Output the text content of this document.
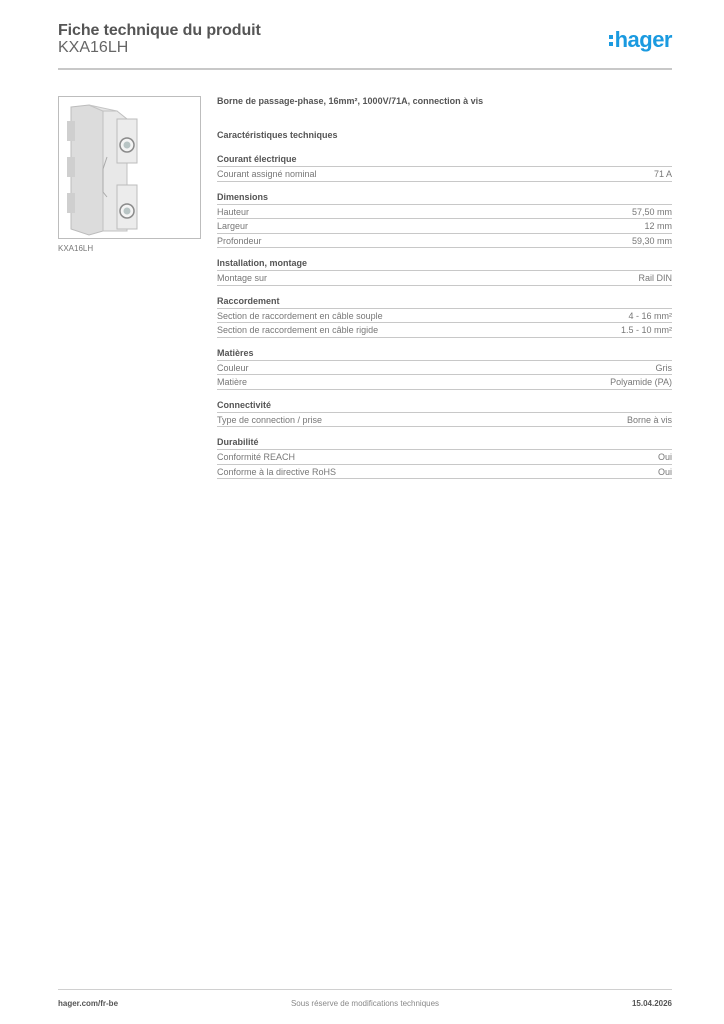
Fiche technique du produit
KXA16LH	hager
KXA16LH
Borne de passage-phase, 16mm², 1000V/71A, connection à vis
Caractéristiques techniques
Courant électrique
Courant assigné nominal	71 A
Dimensions
Hauteur	57,50 mm
Largeur	12 mm
Profondeur	59,30 mm
Installation, montage
Montage sur	Rail DIN
Raccordement
Section de raccordement en câble souple	4 - 16 mm²
Section de raccordement en câble rigide	1.5 - 10 mm²
Matières
Couleur	Gris
Matière	Polyamide (PA)
Connectivité
Type de connection / prise	Borne à vis
Durabilité
Conformité REACH	Oui
Conforme à la directive RoHS	Oui
Sous réserve de modifications techniques
hager.com/fr-be	15.04.2026
